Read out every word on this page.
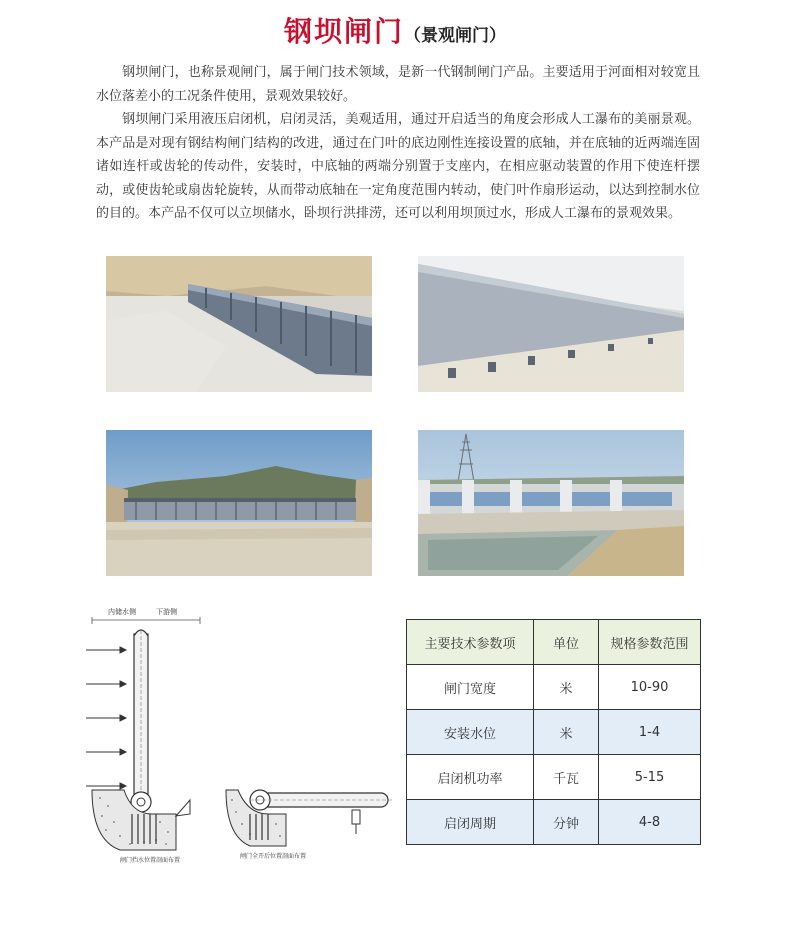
钢坝闸门（景观闸门）

钢坝闸门，也称景观闸门，属于闸门技术领域，是新一代钢制闸门产品。主要适用于河面相对较宽且水位落差小的工况条件使用，景观效果较好。

钢坝闸门采用液压启闭机，启闭灵活，美观适用，通过开启适当的角度会形成人工瀑布的美丽景观。本产品是对现有钢结构闸门结构的改进，通过在门叶的底边刚性连接设置的底轴，并在底轴的近两端连固诸如连杆或齿轮的传动件，安装时，中底轴的两端分别置于支座内，在相应驱动装置的作用下使连杆摆动，或使齿轮或扇齿轮旋转，从而带动底轴在一定角度范围内转动，使门叶作扇形运动，以达到控制水位的目的。本产品不仅可以立坝储水，卧坝行洪排涝，还可以利用坝顶过水，形成人工瀑布的景观效果。

内储水侧	下游侧
闸门挡水位置剖面布置
闸门全开后位置剖面布置
主要技术参数项	单位	规格参数范围
闸门宽度	米	10-90
安装水位	米	1-4
启闭机功率	千瓦	5-15
启闭周期	分钟	4-8
